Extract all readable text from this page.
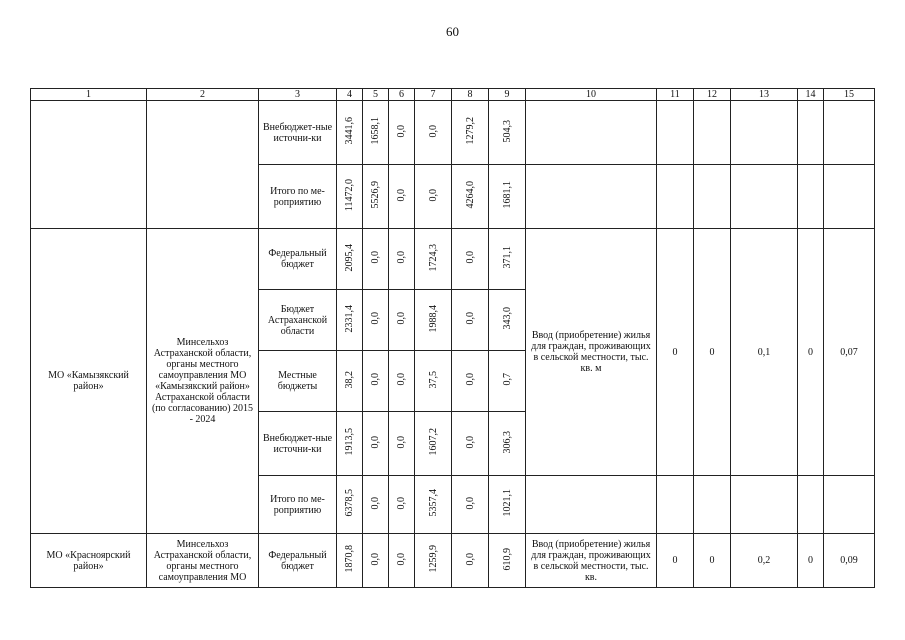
60
1	2	3	4	5	6	7	8	9	10	11	12	13	14	15
		Внебюджет-ные источни-ки	3441,6	1658,1	0,0	0,0	1279,2	504,3						
		Итого по ме-роприятию	11472,0	5526,9	0,0	0,0	4264,0	1681,1						
МО «Камызякский район»	Минсельхоз Астраханской области, органы местного самоуправления МО «Камызякский район» Астраханской области (по согласованию) 2015 - 2024	Федеральный бюджет	2095,4	0,0	0,0	1724,3	0,0	371,1	Ввод (приобретение) жилья для граждан, проживающих в сельской местности, тыс. кв. м	0	0	0,1	0	0,07
		Бюджет Астраханской области	2331,4	0,0	0,0	1988,4	0,0	343,0						
		Местные бюджеты	38,2	0,0	0,0	37,5	0,0	0,7						
		Внебюджет-ные источни-ки	1913,5	0,0	0,0	1607,2	0,0	306,3						
		Итого по ме-роприятию	6378,5	0,0	0,0	5357,4	0,0	1021,1						
МО «Красноярский район»	Минсельхоз Астраханской области, органы местного самоуправления МО	Федеральный бюджет	1870,8	0,0	0,0	1259,9	0,0	610,9	Ввод (приобретение) жилья для граждан, проживающих в сельской местности, тыс. кв.	0	0	0,2	0	0,09
